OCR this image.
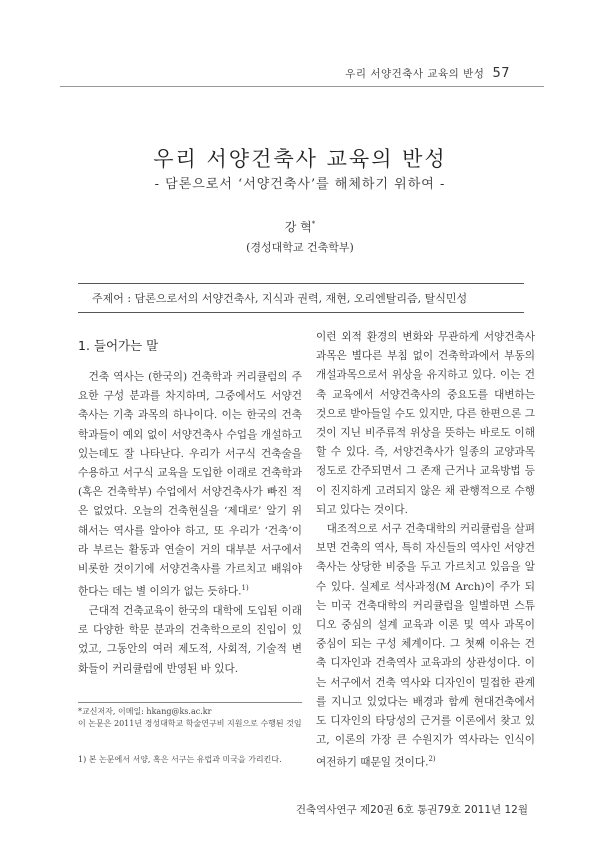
우리 서양건축사 교육의 반성 57
우리 서양건축사 교육의 반성
- 담론으로서 ‘서양건축사’를 해체하기 위하여 -
강 혁*
(경성대학교 건축학부)
주제어 : 담론으로서의 서양건축사, 지식과 권력, 재현, 오리엔탈리즘, 탈식민성
1. 들어가는 말

건축 역사는 (한국의) 건축학과 커리큘럼의 주요한 구성 분과를 차지하며, 그중에서도 서양건축사는 기축 과목의 하나이다. 이는 한국의 건축학과들이 예외 없이 서양건축사 수업을 개설하고 있는데도 잘 나타난다. 우리가 서구식 건축술을 수용하고 서구식 교육을 도입한 이래로 건축학과(혹은 건축학부) 수업에서 서양건축사가 빠진 적은 없었다. 오늘의 건축현실을 ‘제대로’ 알기 위해서는 역사를 알아야 하고, 또 우리가 ‘건축’이라 부르는 활동과 연술이 거의 대부분 서구에서 비롯한 것이기에 서양건축사를 가르치고 배워야한다는 데는 별 이의가 없는 듯하다.$^{1)}$

근대적 건축교육이 한국의 대학에 도입된 이래로 다양한 학문 분과의 건축학으로의 진입이 있었고, 그동안의 여러 제도적, 사회적, 기술적 변화들이 커리큘럼에 반영된 바 있다.

*교신저자, 이메일: hkang@ks.ac.kr
이 논문은 2011년 경성대학교 학술연구비 지원으로 수행된 것임
1) 본 논문에서 서양, 혹은 서구는 유럽과 미국을 가리킨다.

이런 외적 환경의 변화와 무관하게 서양건축사 과목은 별다른 부침 없이 건축학과에서 부동의 개설과목으로서 위상을 유지하고 있다. 이는 건축 교육에서 서양건축사의 중요도를 대변하는 것으로 받아들일 수도 있지만, 다른 한편으론 그것이 지닌 비주류적 위상을 뜻하는 바로도 이해할 수 있다. 즉, 서양건축사가 일종의 교양과목 정도로 간주되면서 그 존재 근거나 교육방법 등이 진지하게 고려되지 않은 채 관행적으로 수행되고 있다는 것이다.

대조적으로 서구 건축대학의 커리큘럼을 살펴보면 건축의 역사, 특히 자신들의 역사인 서양건축사는 상당한 비중을 두고 가르치고 있음을 알 수 있다. 실제로 석사과정(M Arch)이 주가 되는 미국 건축대학의 커리큘럼을 일별하면 스튜디오 중심의 설계 교육과 이론 및 역사 과목이 중심이 되는 구성 체계이다. 그 첫째 이유는 건축 디자인과 건축역사 교육과의 상관성이다. 이는 서구에서 건축 역사와 디자인이 밀접한 관계를 지니고 있었다는 배경과 함께 현대건축에서도 디자인의 타당성의 근거를 이론에서 찾고 있고, 이론의 가장 큰 수원지가 역사라는 인식이 여전하기 때문일 것이다.$^{2)}$

건축역사연구 제20권 6호 통권79호 2011년 12월
